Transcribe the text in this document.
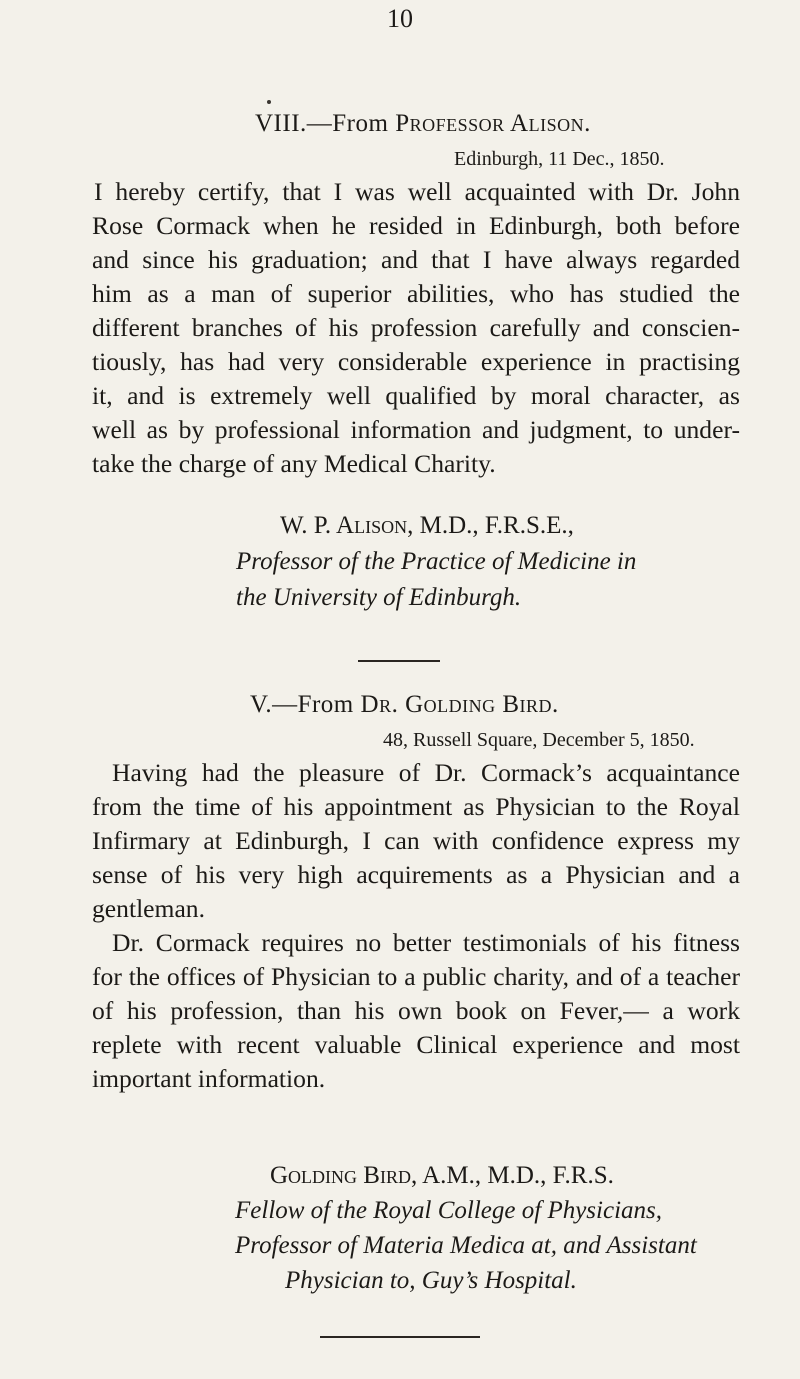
10
VIII.—From Professor Alison.
Edinburgh, 11 Dec., 1850.
I hereby certify, that I was well acquainted with Dr. John
Rose Cormack when he resided in Edinburgh, both before
and since his graduation; and that I have always regarded
him as a man of superior abilities, who has studied the
different branches of his profession carefully and conscien-
tiously, has had very considerable experience in practising
it, and is extremely well qualified by moral character, as
well as by professional information and judgment, to under-
take the charge of any Medical Charity.
W. P. Alison, M.D., F.R.S.E.,
Professor of the Practice of Medicine in
the University of Edinburgh.
V.—From Dr. Golding Bird.
48, Russell Square, December 5, 1850.
Having had the pleasure of Dr. Cormack’s acquaintance
from the time of his appointment as Physician to the Royal
Infirmary at Edinburgh, I can with confidence express my
sense of his very high acquirements as a Physician and a
gentleman.
Dr. Cormack requires no better testimonials of his fitness
for the offices of Physician to a public charity, and of a teacher
of his profession, than his own book on Fever,— a work
replete with recent valuable Clinical experience and most
important information.
Golding Bird, A.M., M.D., F.R.S.
Fellow of the Royal College of Physicians,
Professor of Materia Medica at, and Assistant
Physician to, Guy’s Hospital.
